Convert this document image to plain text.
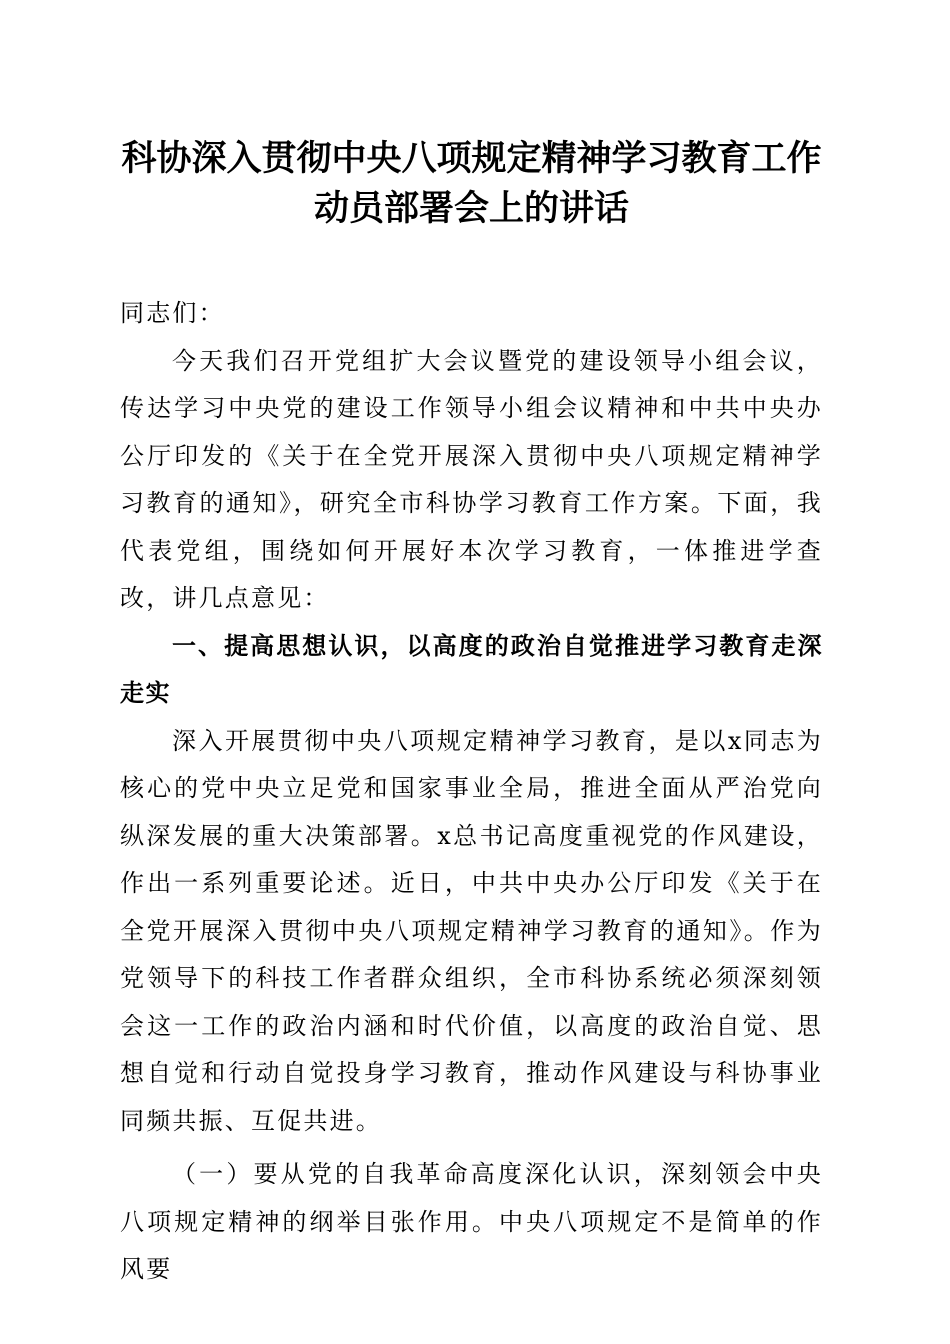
科协深入贯彻中央八项规定精神学习教育工作
动员部署会上的讲话

同志们：

今天我们召开党组扩大会议暨党的建设领导小组会议，传达学习中央党的建设工作领导小组会议精神和中共中央办公厅印发的《关于在全党开展深入贯彻中央八项规定精神学习教育的通知》，研究全市科协学习教育工作方案。下面，我代表党组，围绕如何开展好本次学习教育，一体推进学查改，讲几点意见：

一、提高思想认识，以高度的政治自觉推进学习教育走深走实

深入开展贯彻中央八项规定精神学习教育，是以x同志为核心的党中央立足党和国家事业全局，推进全面从严治党向纵深发展的重大决策部署。x总书记高度重视党的作风建设，作出一系列重要论述。近日，中共中央办公厅印发《关于在全党开展深入贯彻中央八项规定精神学习教育的通知》。作为党领导下的科技工作者群众组织，全市科协系统必须深刻领会这一工作的政治内涵和时代价值，以高度的政治自觉、思想自觉和行动自觉投身学习教育，推动作风建设与科协事业同频共振、互促共进。

（一）要从党的自我革命高度深化认识，深刻领会中央八项规定精神的纲举目张作用。中央八项规定不是简单的作风要
